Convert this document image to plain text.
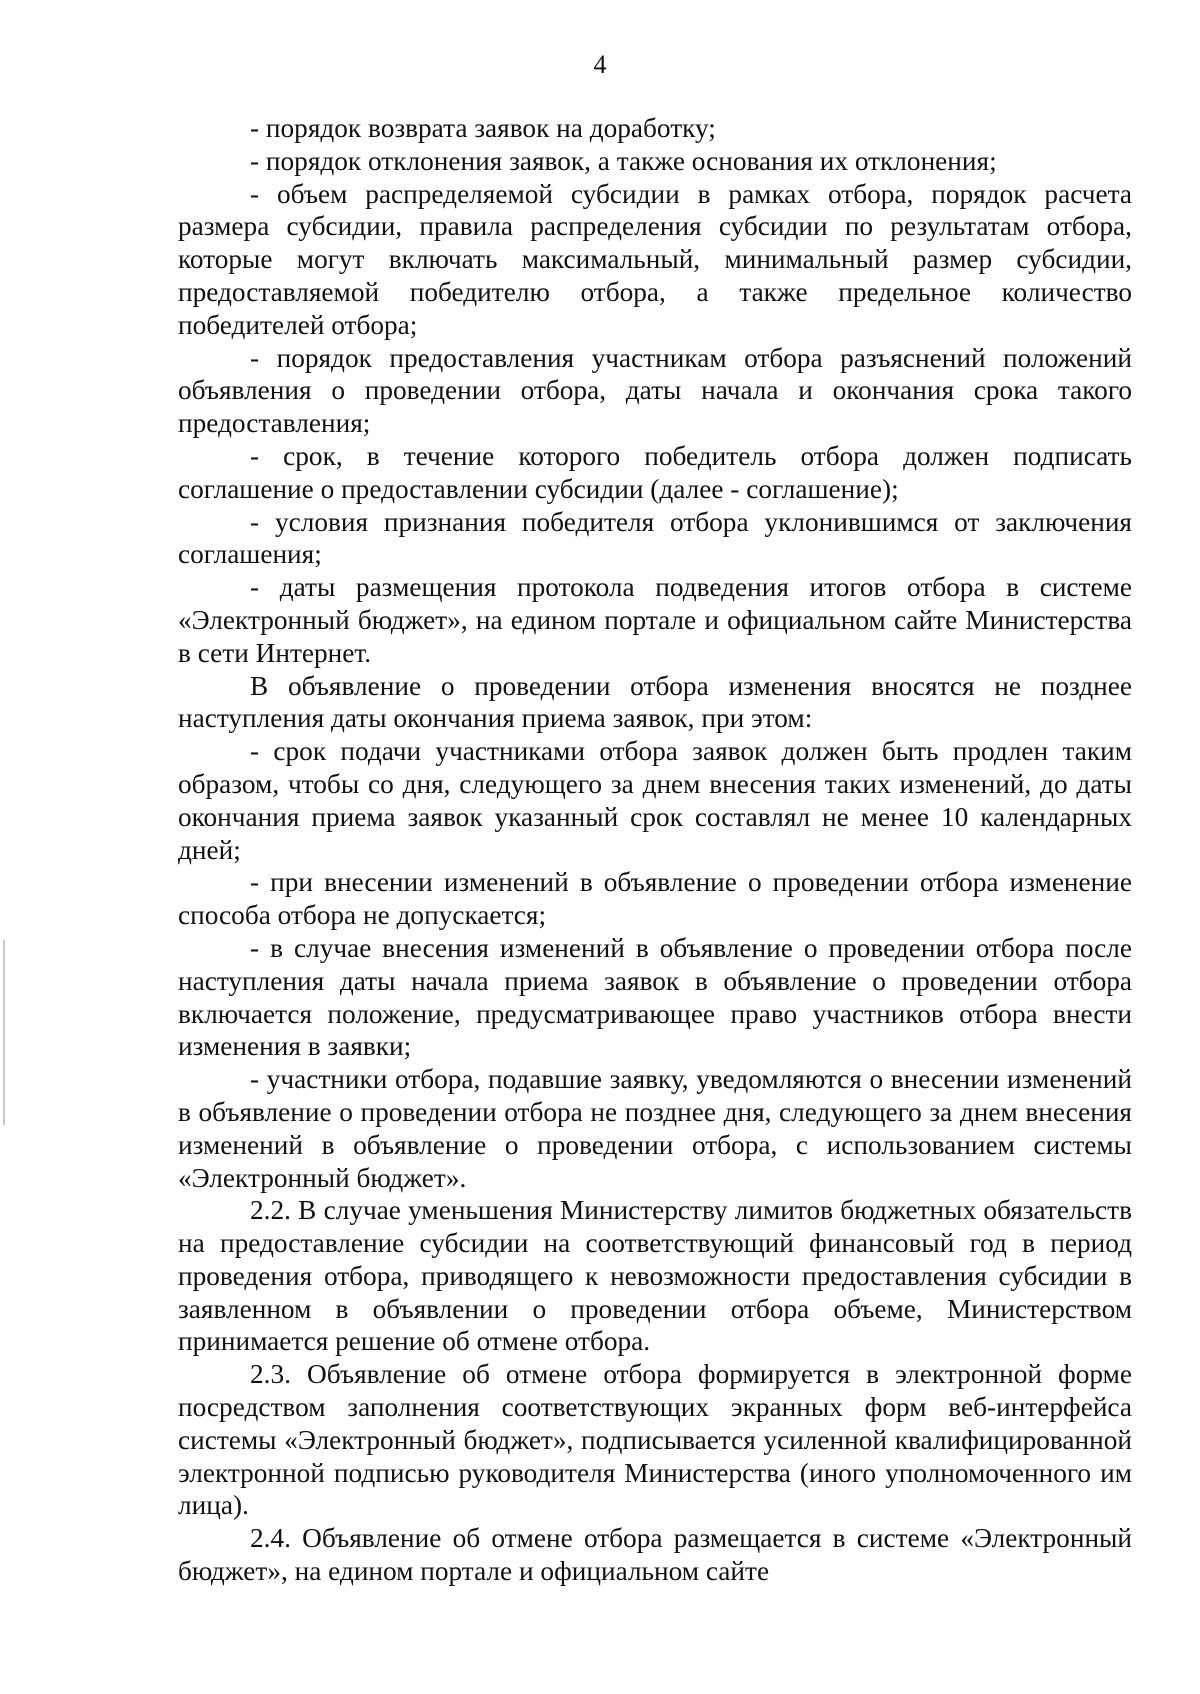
4

- порядок возврата заявок на доработку;

- порядок отклонения заявок, а также основания их отклонения;

- объем распределяемой субсидии в рамках отбора, порядок расчета размера субсидии, правила распределения субсидии по результатам отбора, которые могут включать максимальный, минимальный размер субсидии, предоставляемой победителю отбора, а также предельное количество победителей отбора;

- порядок предоставления участникам отбора разъяснений положений объявления о проведении отбора, даты начала и окончания срока такого предоставления;

- срок, в течение которого победитель отбора должен подписать соглашение о предоставлении субсидии (далее - соглашение);

- условия признания победителя отбора уклонившимся от заключения соглашения;

- даты размещения протокола подведения итогов отбора в системе «Электронный бюджет», на едином портале и официальном сайте Министерства в сети Интернет.

В объявление о проведении отбора изменения вносятся не позднее наступления даты окончания приема заявок, при этом:

- срок подачи участниками отбора заявок должен быть продлен таким образом, чтобы со дня, следующего за днем внесения таких изменений, до даты окончания приема заявок указанный срок составлял не менее 10 календарных дней;

- при внесении изменений в объявление о проведении отбора изменение способа отбора не допускается;

- в случае внесения изменений в объявление о проведении отбора после наступления даты начала приема заявок в объявление о проведении отбора включается положение, предусматривающее право участников отбора внести изменения в заявки;

- участники отбора, подавшие заявку, уведомляются о внесении изменений в объявление о проведении отбора не позднее дня, следующего за днем внесения изменений в объявление о проведении отбора, с использованием системы «Электронный бюджет».

2.2. В случае уменьшения Министерству лимитов бюджетных обязательств на предоставление субсидии на соответствующий финансовый год в период проведения отбора, приводящего к невозможности предоставления субсидии в заявленном в объявлении о проведении отбора объеме, Министерством принимается решение об отмене отбора.

2.3. Объявление об отмене отбора формируется в электронной форме посредством заполнения соответствующих экранных форм веб-интерфейса системы «Электронный бюджет», подписывается усиленной квалифицированной электронной подписью руководителя Министерства (иного уполномоченного им лица).

2.4. Объявление об отмене отбора размещается в системе «Электронный бюджет», на едином портале и официальном сайте
